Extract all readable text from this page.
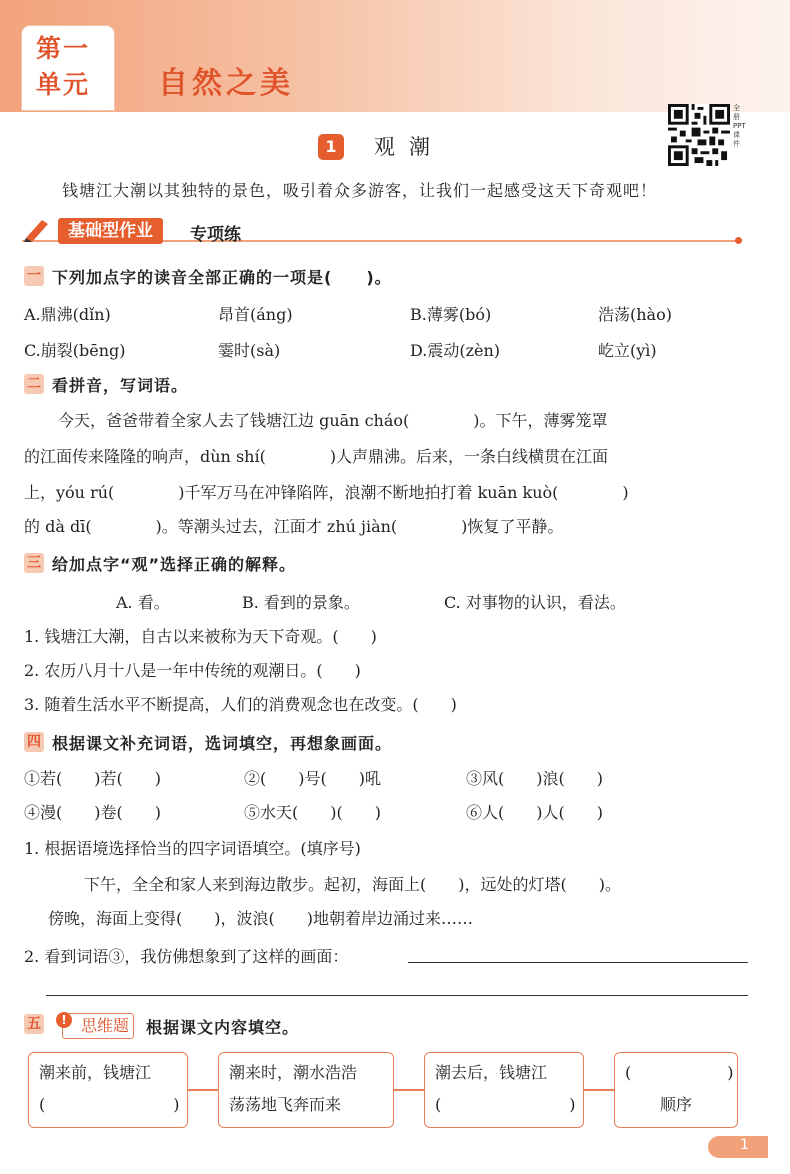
第一
单元 自然之美
全册PPT课件
1	观潮
钱塘江大潮以其独特的景色，吸引着众多游客，让我们一起感受这天下奇观吧！
基础型作业	专项练
一 下列加点字的读音全部正确的一项是(　　)。
A.鼎沸(dǐn)	昂首(áng)	B.薄雾(bó)	浩荡(hào)
C.崩裂(bēng)	霎时(sà)	D.震动(zèn)	屹立(yì)
二 看拼音，写词语。
今天，爸爸带着全家人去了钱塘江边 guān cháo(　　　　)。下午，薄雾笼罩
的江面传来隆隆的响声，dùn shí(　　　　)人声鼎沸。后来，一条白线横贯在江面
上，yóu rú(　　　　)千军万马在冲锋陷阵，浪潮不断地拍打着 kuān kuò(　　　　)
的 dà dī(　　　　)。等潮头过去，江面才 zhú jiàn(　　　　)恢复了平静。
三 给加点字“观”选择正确的解释。
A. 看。	B. 看到的景象。	C. 对事物的认识，看法。
1. 钱塘江大潮，自古以来被称为天下奇观。(　　)
2. 农历八月十八是一年中传统的观潮日。(　　)
3. 随着生活水平不断提高，人们的消费观念也在改变。(　　)
四 根据课文补充词语，选词填空，再想象画面。
①若(　　)若(　　)	②(　　)号(　　)吼	③风(　　)浪(　　)
④漫(　　)卷(　　)	⑤水天(　　)(　　)	⑥人(　　)人(　　)
1. 根据语境选择恰当的四字词语填空。(填序号)
下午，全全和家人来到海边散步。起初，海面上(　　)，远处的灯塔(　　)。
傍晚，海面上变得(　　)，波浪(　　)地朝着岸边涌过来……
2. 看到词语③，我仿佛想象到了这样的画面：
五	思维题
!	根据课文内容填空。
潮来前，钱塘江
(　　　　　　　　)
潮来时，潮水浩浩
荡荡地飞奔而来
潮去后，钱塘江
(　　　　　　　　)
(　　　　　　)
顺序
1
